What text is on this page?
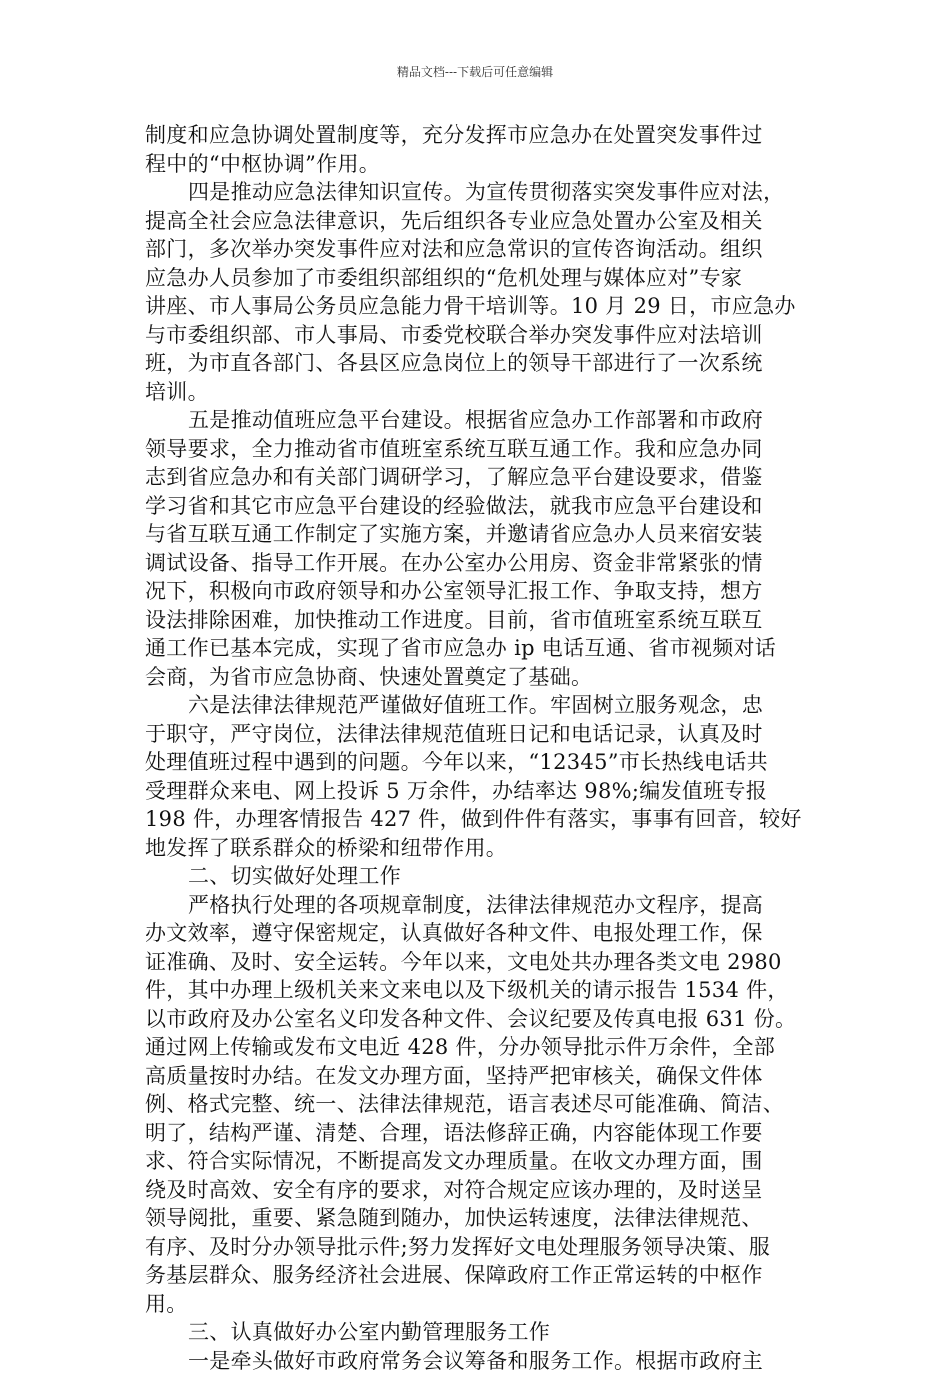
精品文档---下载后可任意编辑
制度和应急协调处置制度等，充分发挥市应急办在处置突发事件过
程中的“中枢协调”作用。
四是推动应急法律知识宣传。为宣传贯彻落实突发事件应对法，
提高全社会应急法律意识，先后组织各专业应急处置办公室及相关
部门，多次举办突发事件应对法和应急常识的宣传咨询活动。组织
应急办人员参加了市委组织部组织的“危机处理与媒体应对”专家
讲座、市人事局公务员应急能力骨干培训等。10 月 29 日，市应急办
与市委组织部、市人事局、市委党校联合举办突发事件应对法培训
班，为市直各部门、各县区应急岗位上的领导干部进行了一次系统
培训。
五是推动值班应急平台建设。根据省应急办工作部署和市政府
领导要求，全力推动省市值班室系统互联互通工作。我和应急办同
志到省应急办和有关部门调研学习，了解应急平台建设要求，借鉴
学习省和其它市应急平台建设的经验做法，就我市应急平台建设和
与省互联互通工作制定了实施方案，并邀请省应急办人员来宿安装
调试设备、指导工作开展。在办公室办公用房、资金非常紧张的情
况下，积极向市政府领导和办公室领导汇报工作、争取支持，想方
设法排除困难，加快推动工作进度。目前，省市值班室系统互联互
通工作已基本完成，实现了省市应急办 ip 电话互通、省市视频对话
会商，为省市应急协商、快速处置奠定了基础。
六是法律法律规范严谨做好值班工作。牢固树立服务观念，忠
于职守，严守岗位，法律法律规范值班日记和电话记录，认真及时
处理值班过程中遇到的问题。今年以来，“12345”市长热线电话共
受理群众来电、网上投诉 5 万余件，办结率达 98%;编发值班专报
198 件，办理客情报告 427 件，做到件件有落实，事事有回音，较好
地发挥了联系群众的桥梁和纽带作用。
二、切实做好处理工作
严格执行处理的各项规章制度，法律法律规范办文程序，提高
办文效率，遵守保密规定，认真做好各种文件、电报处理工作，保
证准确、及时、安全运转。今年以来，文电处共办理各类文电 2980
件，其中办理上级机关来文来电以及下级机关的请示报告 1534 件，
以市政府及办公室名义印发各种文件、会议纪要及传真电报 631 份。
通过网上传输或发布文电近 428 件，分办领导批示件万余件，全部
高质量按时办结。在发文办理方面，坚持严把审核关，确保文件体
例、格式完整、统一、法律法律规范，语言表述尽可能准确、简洁、
明了，结构严谨、清楚、合理，语法修辞正确，内容能体现工作要
求、符合实际情况，不断提高发文办理质量。在收文办理方面，围
绕及时高效、安全有序的要求，对符合规定应该办理的，及时送呈
领导阅批，重要、紧急随到随办，加快运转速度，法律法律规范、
有序、及时分办领导批示件;努力发挥好文电处理服务领导决策、服
务基层群众、服务经济社会进展、保障政府工作正常运转的中枢作
用。
三、认真做好办公室内勤管理服务工作
一是牵头做好市政府常务会议筹备和服务工作。根据市政府主
